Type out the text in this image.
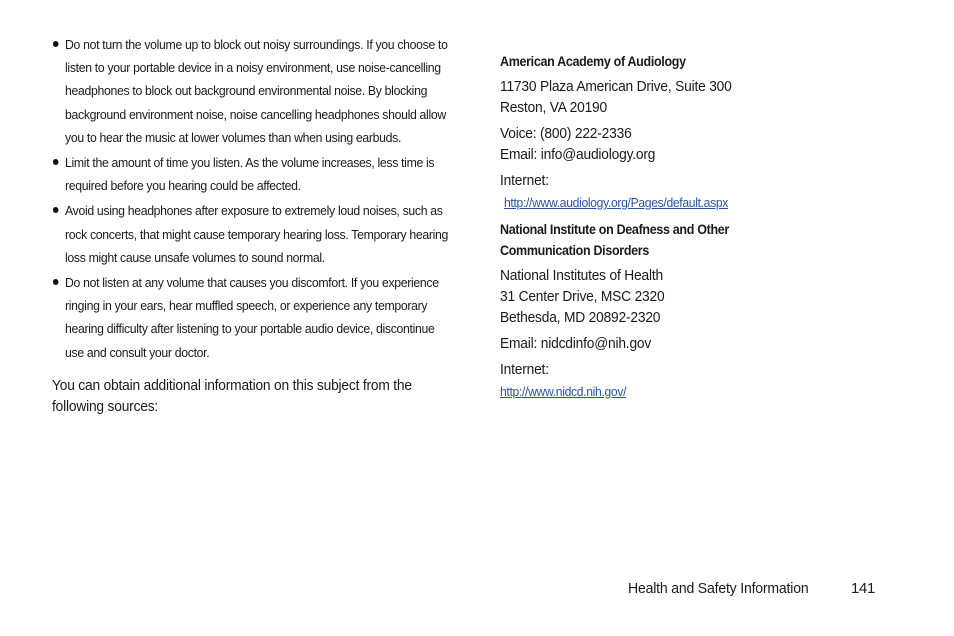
Do not turn the volume up to block out noisy surroundings. If you choose to listen to your portable device in a noisy environment, use noise-cancelling headphones to block out background environmental noise. By blocking background environment noise, noise cancelling headphones should allow you to hear the music at lower volumes than when using earbuds.
Limit the amount of time you listen. As the volume increases, less time is required before you hearing could be affected.
Avoid using headphones after exposure to extremely loud noises, such as rock concerts, that might cause temporary hearing loss. Temporary hearing loss might cause unsafe volumes to sound normal.
Do not listen at any volume that causes you discomfort. If you experience ringing in your ears, hear muffled speech, or experience any temporary hearing difficulty after listening to your portable audio device, discontinue use and consult your doctor.

You can obtain additional information on this subject from the following sources:

American Academy of Audiology

11730 Plaza American Drive, Suite 300

Reston, VA 20190

Voice: (800) 222-2336

Email: info@audiology.org

Internet:

http://www.audiology.org/Pages/default.aspx

National Institute on Deafness and Other

Communication Disorders

National Institutes of Health

31 Center Drive, MSC 2320

Bethesda, MD 20892-2320

Email: nidcdinfo@nih.gov

Internet:

http://www.nidcd.nih.gov/
Health and Safety Information	141
